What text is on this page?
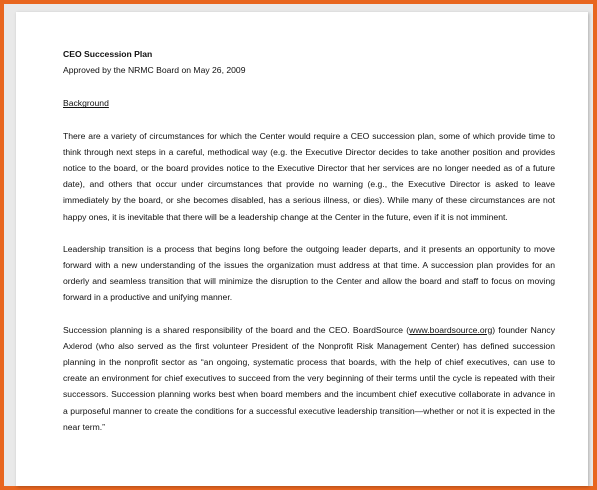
CEO Succession Plan

Approved by the NRMC Board on May 26, 2009

Background

There are a variety of circumstances for which the Center would require a CEO succession plan, some of which provide time to think through next steps in a careful, methodical way (e.g. the Executive Director decides to take another position and provides notice to the board, or the board provides notice to the Executive Director that her services are no longer needed as of a future date), and others that occur under circumstances that provide no warning (e.g., the Executive Director is asked to leave immediately by the board, or she becomes disabled, has a serious illness, or dies). While many of these circumstances are not happy ones, it is inevitable that there will be a leadership change at the Center in the future, even if it is not imminent.

Leadership transition is a process that begins long before the outgoing leader departs, and it presents an opportunity to move forward with a new understanding of the issues the organization must address at that time. A succession plan provides for an orderly and seamless transition that will minimize the disruption to the Center and allow the board and staff to focus on moving forward in a productive and unifying manner.

Succession planning is a shared responsibility of the board and the CEO. BoardSource (www.boardsource.org) founder Nancy Axlerod (who also served as the first volunteer President of the Nonprofit Risk Management Center) has defined succession planning in the nonprofit sector as “an ongoing, systematic process that boards, with the help of chief executives, can use to create an environment for chief executives to succeed from the very beginning of their terms until the cycle is repeated with their successors. Succession planning works best when board members and the incumbent chief executive collaborate in advance in a purposeful manner to create the conditions for a successful executive leadership transition—whether or not it is expected in the near term.”
